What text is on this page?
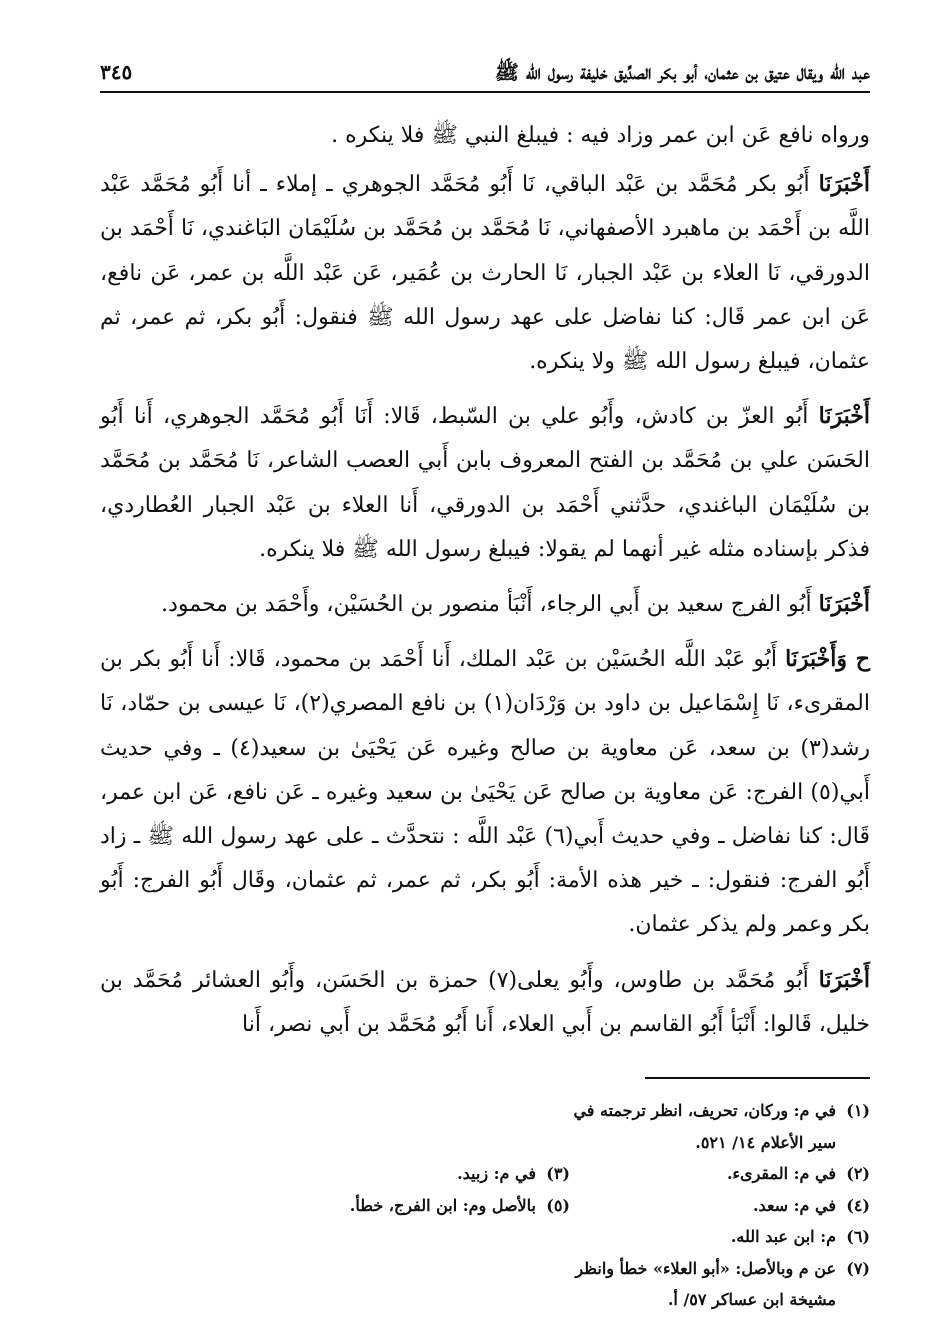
عبد الله ويقال عتيق بن عثمان، أبو بكر الصدِّيق خليفة رسول الله ﷺ
٣٤٥

ورواه نافع عَن ابن عمر وزاد فيه : فيبلغ النبي ﷺ فلا ينكره .

أَخْبَرَنَا أَبُو بكر مُحَمَّد بن عَبْد الباقي، نَا أَبُو مُحَمَّد الجوهري ـ إملاء ـ أنا أَبُو مُحَمَّد عَبْد اللَّه بن أَحْمَد بن ماهبرد الأصفهاني، نَا مُحَمَّد بن مُحَمَّد بن سُلَيْمَان البَاغندي، نَا أَحْمَد بن الدورقي، نَا العلاء بن عَبْد الجبار، نَا الحارث بن عُمَير، عَن عَبْد اللَّه بن عمر، عَن نافع، عَن ابن عمر قَال: كنا نفاضل على عهد رسول الله ﷺ فنقول: أَبُو بكر، ثم عمر، ثم عثمان، فيبلغ رسول الله ﷺ ولا ينكره.

أَخْبَرَنَا أَبُو العزّ بن كادش، وأَبُو علي بن السّبط، قَالا: أَنَا أَبُو مُحَمَّد الجوهري، أَنا أَبُو الحَسَن علي بن مُحَمَّد بن الفتح المعروف بابن أَبي العصب الشاعر، نَا مُحَمَّد بن مُحَمَّد بن سُلَيْمَان الباغندي، حدَّثني أَحْمَد بن الدورقي، أَنا العلاء بن عَبْد الجبار العُطاردي، فذكر بإسناده مثله غير أنهما لم يقولا: فيبلغ رسول الله ﷺ فلا ينكره.

أَخْبَرَنَا أَبُو الفرج سعيد بن أَبي الرجاء، أَنْبَأ منصور بن الحُسَيْن، وأَحْمَد بن محمود.

ح وَأَخْبَرَنَا أَبُو عَبْد اللَّه الحُسَيْن بن عَبْد الملك، أَنا أَحْمَد بن محمود، قَالا: أَنا أَبُو بكر بن المقرىء، نَا إِسْمَاعيل بن داود بن وَرْدَان(١) بن نافع المصري(٢)، نَا عيسى بن حمّاد، نَا رشد(٣) بن سعد، عَن معاوية بن صالح وغيره عَن يَحْيَىٰ بن سعيد(٤) ـ وفي حديث أَبي(٥) الفرج: عَن معاوية بن صالح عَن يَحْيَىٰ بن سعيد وغيره ـ عَن نافع، عَن ابن عمر، قَال: كنا نفاضل ـ وفي حديث أَبي(٦) عَبْد اللَّه : نتحدَّث ـ على عهد رسول الله ﷺ ـ زاد أَبُو الفرج: فنقول: ـ خير هذه الأمة: أَبُو بكر، ثم عمر، ثم عثمان، وقَال أَبُو الفرج: أَبُو بكر وعمر ولم يذكر عثمان.

أَخْبَرَنَا أَبُو مُحَمَّد بن طاوس، وأَبُو يعلى(٧) حمزة بن الحَسَن، وأَبُو العشائر مُحَمَّد بن خليل، قَالوا: أَنْبَأ أَبُو القاسم بن أَبي العلاء، أَنا أَبُو مُحَمَّد بن أَبي نصر، أَنا

(١)
في م: وركان، تحريف، انظر ترجمته في سير الأعلام ١٤/ ٥٢١.
(٢)
في م: المقرىء.
(٣)
في م: زبيد.
(٤)
في م: سعد.
(٥)
بالأصل وم: ابن الفرج، خطأ.
(٦)
م: ابن عبد الله.
(٧)
عن م وبالأصل: «أبو العلاء» خطأ وانظر مشيخة ابن عساكر ٥٧/ أ.
